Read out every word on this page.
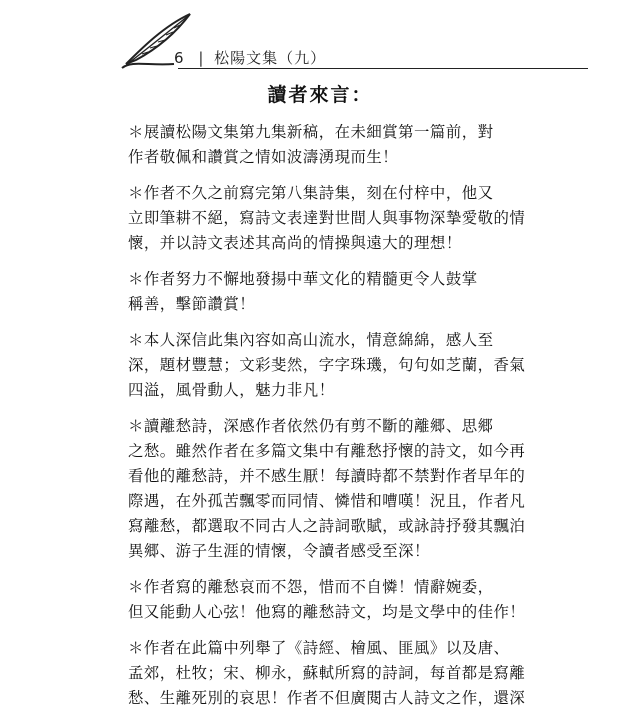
6 | 松陽文集（九）
讀者來言：
＊展讀松陽文集第九集新稿，在未細賞第一篇前，對
作者敬佩和讚賞之情如波濤湧現而生！
＊作者不久之前寫完第八集詩集，刻在付梓中，他又
立即筆耕不絕，寫詩文表達對世間人與事物深摯愛敬的情
懷，并以詩文表述其高尚的情操與遠大的理想！
＊作者努力不懈地發揚中華文化的精髓更令人鼓掌
稱善，擊節讚賞！
＊本人深信此集內容如高山流水，情意綿綿，感人至
深，題材豐慧；文彩斐然，字字珠璣，句句如芝蘭，香氣
四溢，風骨動人，魅力非凡！
＊讀離愁詩，深感作者依然仍有剪不斷的離郷、思郷
之愁。雖然作者在多篇文集中有離愁抒懷的詩文，如今再
看他的離愁詩，并不感生厭！每讀時都不禁對作者早年的
際遇，在外孤苦飄零而同情、憐惜和嘈嘆！況且，作者凡
寫離愁，都選取不同古人之詩詞歌賦，或詠詩抒發其飄泊
異郷、游子生涯的情懷，令讀者感受至深！
＊作者寫的離愁哀而不怨，惜而不自憐！情辭婉委，
但又能動人心弦！他寫的離愁詩文，均是文學中的佳作！
＊作者在此篇中列舉了《詩經、檜風、匪風》以及唐、
孟郊，杜牧；宋、柳永，蘇軾所寫的詩詞，每首都是寫離
愁、生離死別的哀思！作者不但廣閱古人詩文之作，還深
